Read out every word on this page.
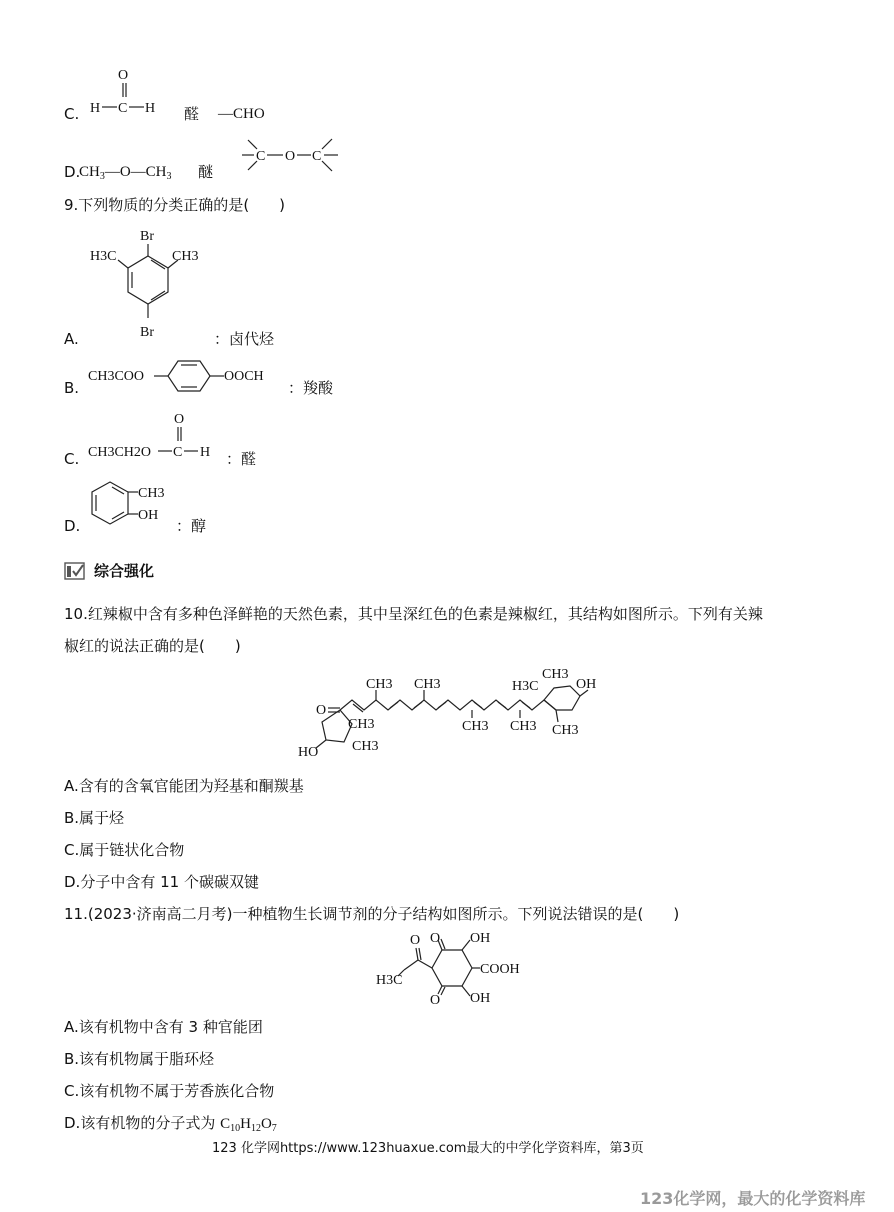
C.
O
H C H 醛 —CHO
D.
$CH_3—O—CH_3$ 醚
C O C
9.下列物质的分类正确的是(　　)
A.
Br
H3C	CH3
Br	：卤代烃
B.
CH3COO	OOCH
：羧酸
C. CH3CH2O C
O
H ：醛
D.
CH3
OH
：醇
综合强化
10.红辣椒中含有多种色泽鲜艳的天然色素，其中呈深红色的色素是辣椒红，其结构如图所示。下列有关辣
椒红的说法正确的是(　　)
O
HO
CH3
CH3
CH3 CH3
CH3 CH3
H3C
CH3
OH
CH3
A.含有的含氧官能团为羟基和酮羰基
B.属于烃
C.属于链状化合物
D.分子中含有 11 个碳碳双键
11.(2023·济南高二月考)一种植物生长调节剂的分子结构如图所示。下列说法错误的是(　　)
O OH
COOH
OH
O
O
H3C
A.该有机物中含有 3 种官能团
B.该有机物属于脂环烃
C.该有机物不属于芳香族化合物
D.该有机物的分子式为 $C_{10}H_{12}O_7$
123 化学网https://www.123huaxue.com最大的中学化学资料库，第3页
123化学网，最大的化学资料库
